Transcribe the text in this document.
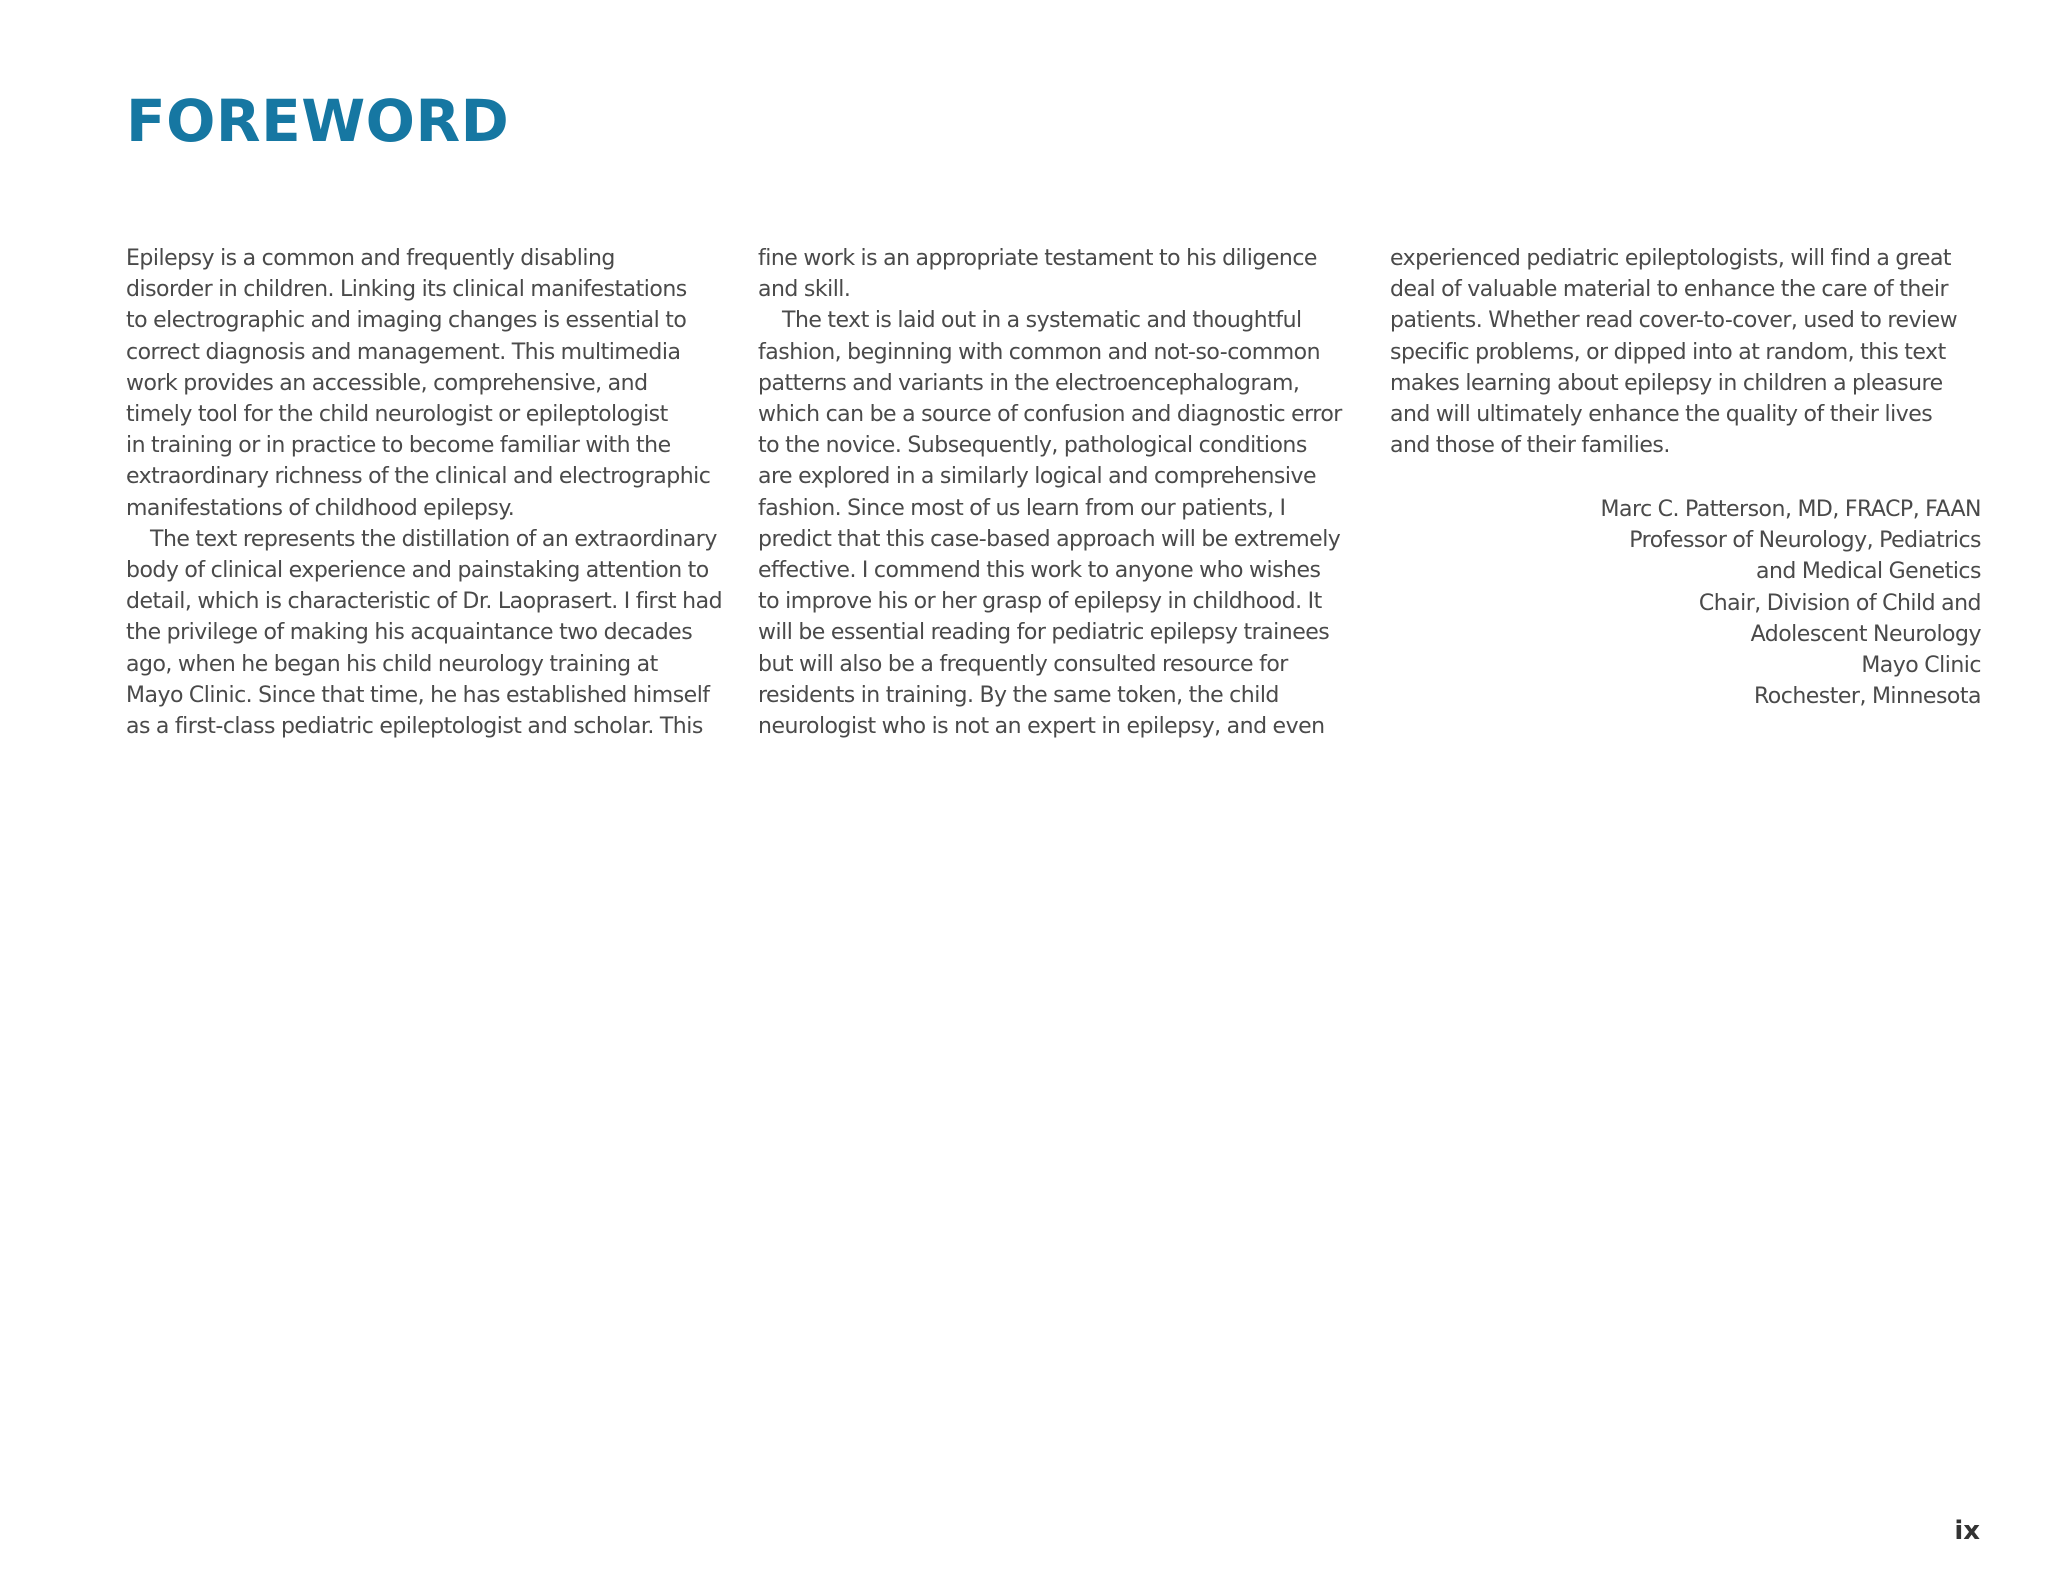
FOREWORD
Epilepsy is a common and frequently disabling
disorder in children. Linking its clinical manifestations
to electrographic and imaging changes is essential to
correct diagnosis and management. This multimedia
work provides an accessible, comprehensive, and
timely tool for the child neurologist or epileptologist
in training or in practice to become familiar with the
extraordinary richness of the clinical and electrographic
manifestations of childhood epilepsy.
The text represents the distillation of an extraordinary
body of clinical experience and painstaking attention to
detail, which is characteristic of Dr. Laoprasert. I first had
the privilege of making his acquaintance two decades
ago, when he began his child neurology training at
Mayo Clinic. Since that time, he has established himself
as a first-class pediatric epileptologist and scholar. This
fine work is an appropriate testament to his diligence
and skill.
The text is laid out in a systematic and thoughtful
fashion, beginning with common and not-so-common
patterns and variants in the electroencephalogram,
which can be a source of confusion and diagnostic error
to the novice. Subsequently, pathological conditions
are explored in a similarly logical and comprehensive
fashion. Since most of us learn from our patients, I
predict that this case-based approach will be extremely
effective. I commend this work to anyone who wishes
to improve his or her grasp of epilepsy in childhood. It
will be essential reading for pediatric epilepsy trainees
but will also be a frequently consulted resource for
residents in training. By the same token, the child
neurologist who is not an expert in epilepsy, and even
experienced pediatric epileptologists, will find a great
deal of valuable material to enhance the care of their
patients. Whether read cover-to-cover, used to review
specific problems, or dipped into at random, this text
makes learning about epilepsy in children a pleasure
and will ultimately enhance the quality of their lives
and those of their families.
Marc C. Patterson, MD, FRACP, FAAN
Professor of Neurology, Pediatrics
and Medical Genetics
Chair, Division of Child and
Adolescent Neurology
Mayo Clinic
Rochester, Minnesota
ix
